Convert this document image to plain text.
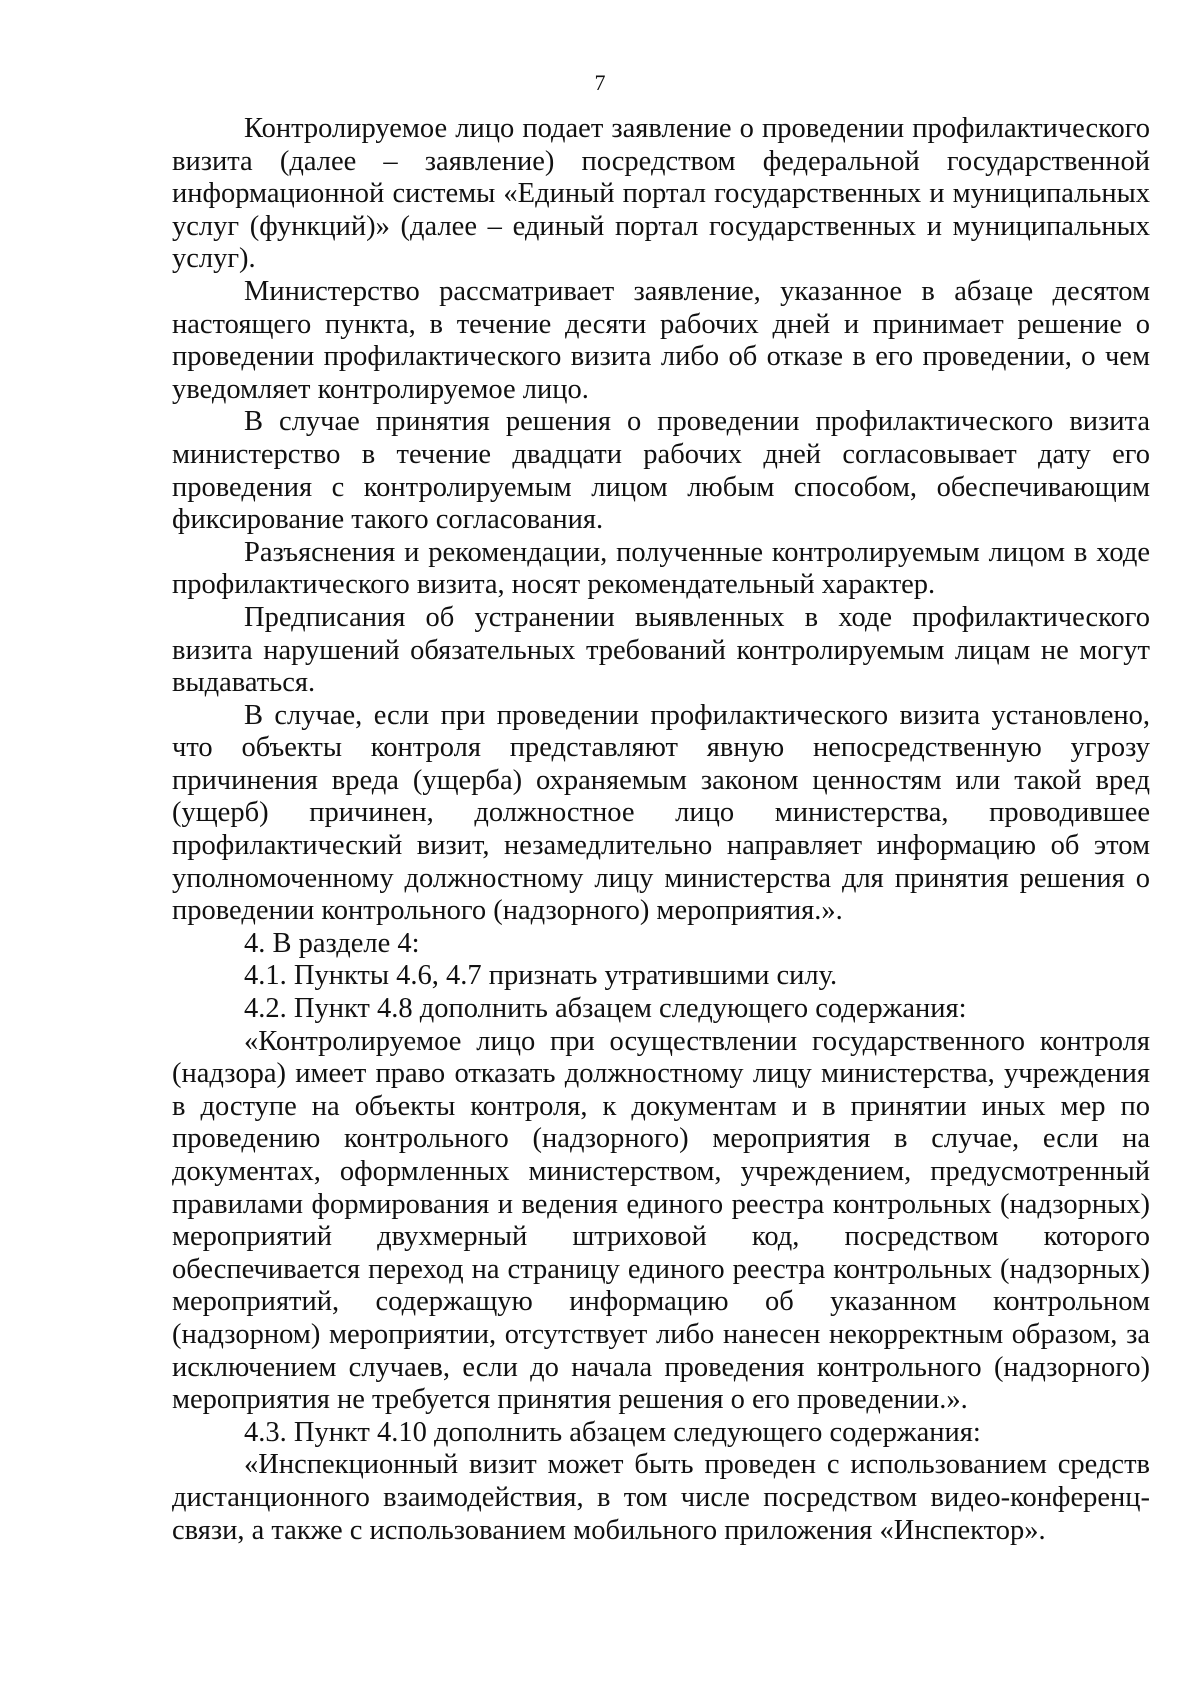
7

Контролируемое лицо подает заявление о проведении профилактического визита (далее – заявление) посредством федеральной государственной информационной системы «Единый портал государственных и муниципальных услуг (функций)» (далее – единый портал государственных и муниципальных услуг).

Министерство рассматривает заявление, указанное в абзаце десятом настоящего пункта, в течение десяти рабочих дней и принимает решение о проведении профилактического визита либо об отказе в его проведении, о чем уведомляет контролируемое лицо.

В случае принятия решения о проведении профилактического визита министерство в течение двадцати рабочих дней согласовывает дату его проведения с контролируемым лицом любым способом, обеспечивающим фиксирование такого согласования.

Разъяснения и рекомендации, полученные контролируемым лицом в ходе профилактического визита, носят рекомендательный характер.

Предписания об устранении выявленных в ходе профилактического визита нарушений обязательных требований контролируемым лицам не могут выдаваться.

В случае, если при проведении профилактического визита установлено, что объекты контроля представляют явную непосредственную угрозу причинения вреда (ущерба) охраняемым законом ценностям или такой вред (ущерб) причинен, должностное лицо министерства, проводившее профилактический визит, незамедлительно направляет информацию об этом уполномоченному должностному лицу министерства для принятия решения о проведении контрольного (надзорного) мероприятия.».

4. В разделе 4:

4.1. Пункты 4.6, 4.7 признать утратившими силу.

4.2. Пункт 4.8 дополнить абзацем следующего содержания:

«Контролируемое лицо при осуществлении государственного контроля (надзора) имеет право отказать должностному лицу министерства, учреждения в доступе на объекты контроля, к документам и в принятии иных мер по проведению контрольного (надзорного) мероприятия в случае, если на документах, оформленных министерством, учреждением, предусмотренный правилами формирования и ведения единого реестра контрольных (надзорных) мероприятий двухмерный штриховой код, посредством которого обеспечивается переход на страницу единого реестра контрольных (надзорных) мероприятий, содержащую информацию об указанном контрольном (надзорном) мероприятии, отсутствует либо нанесен некорректным образом, за исключением случаев, если до начала проведения контрольного (надзорного) мероприятия не требуется принятия решения о его проведении.».

4.3. Пункт 4.10 дополнить абзацем следующего содержания:

«Инспекционный визит может быть проведен с использованием средств дистанционного взаимодействия, в том числе посредством видео-конференц-связи, а также с использованием мобильного приложения «Инспектор».
